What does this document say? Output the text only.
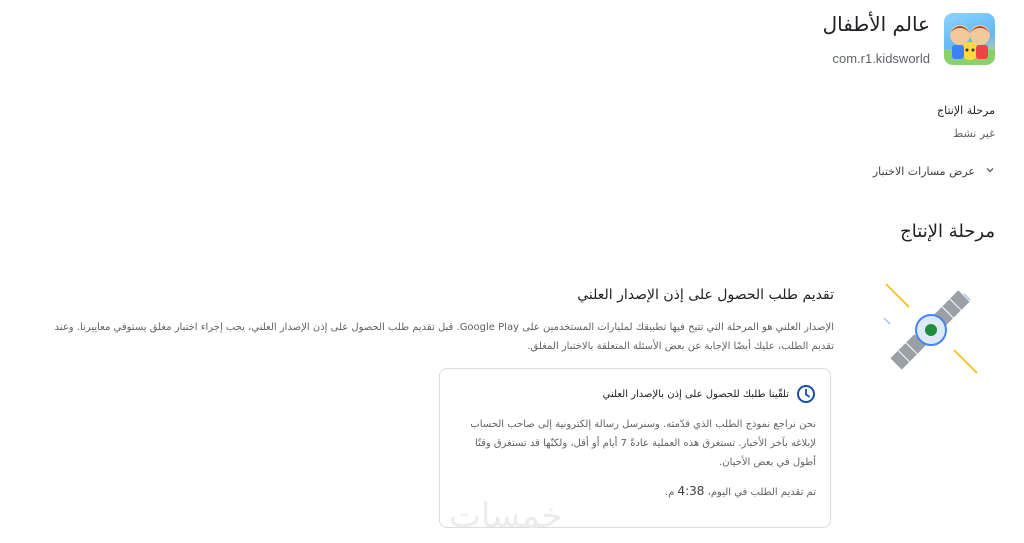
عالم الأطفال
com.r1.kidsworld
مرحلة الإنتاج
غير نشط
عرض مسارات الاختبار
مرحلة الإنتاج
تقديم طلب الحصول على إذن الإصدار العلني
الإصدار العلني هو المرحلة التي تتيح فيها تطبيقك لمليارات المستخدمين على Google Play. قبل تقديم طلب الحصول على إذن الإصدار العلني، يجب إجراء اختبار مغلق يستوفي معاييرنا. وعند تقديم الطلب، عليك أيضًا الإجابة عن بعض الأسئلة المتعلقة بالاختبار المغلق.
تلقّينا طلبك للحصول على إذن بالإصدار العلني
نحن نراجع نموذج الطلب الذي قدّمته. وسنرسل رسالة إلكترونية إلى صاحب الحساب لإبلاغه بآخر الأخبار. تستغرق هذه العملية عادةً 7 أيام أو أقل، ولكنّها قد تستغرق وقتًا أطول في بعض الأحيان.
تم تقديم الطلب في اليوم، 4:38 م.
خمسات
